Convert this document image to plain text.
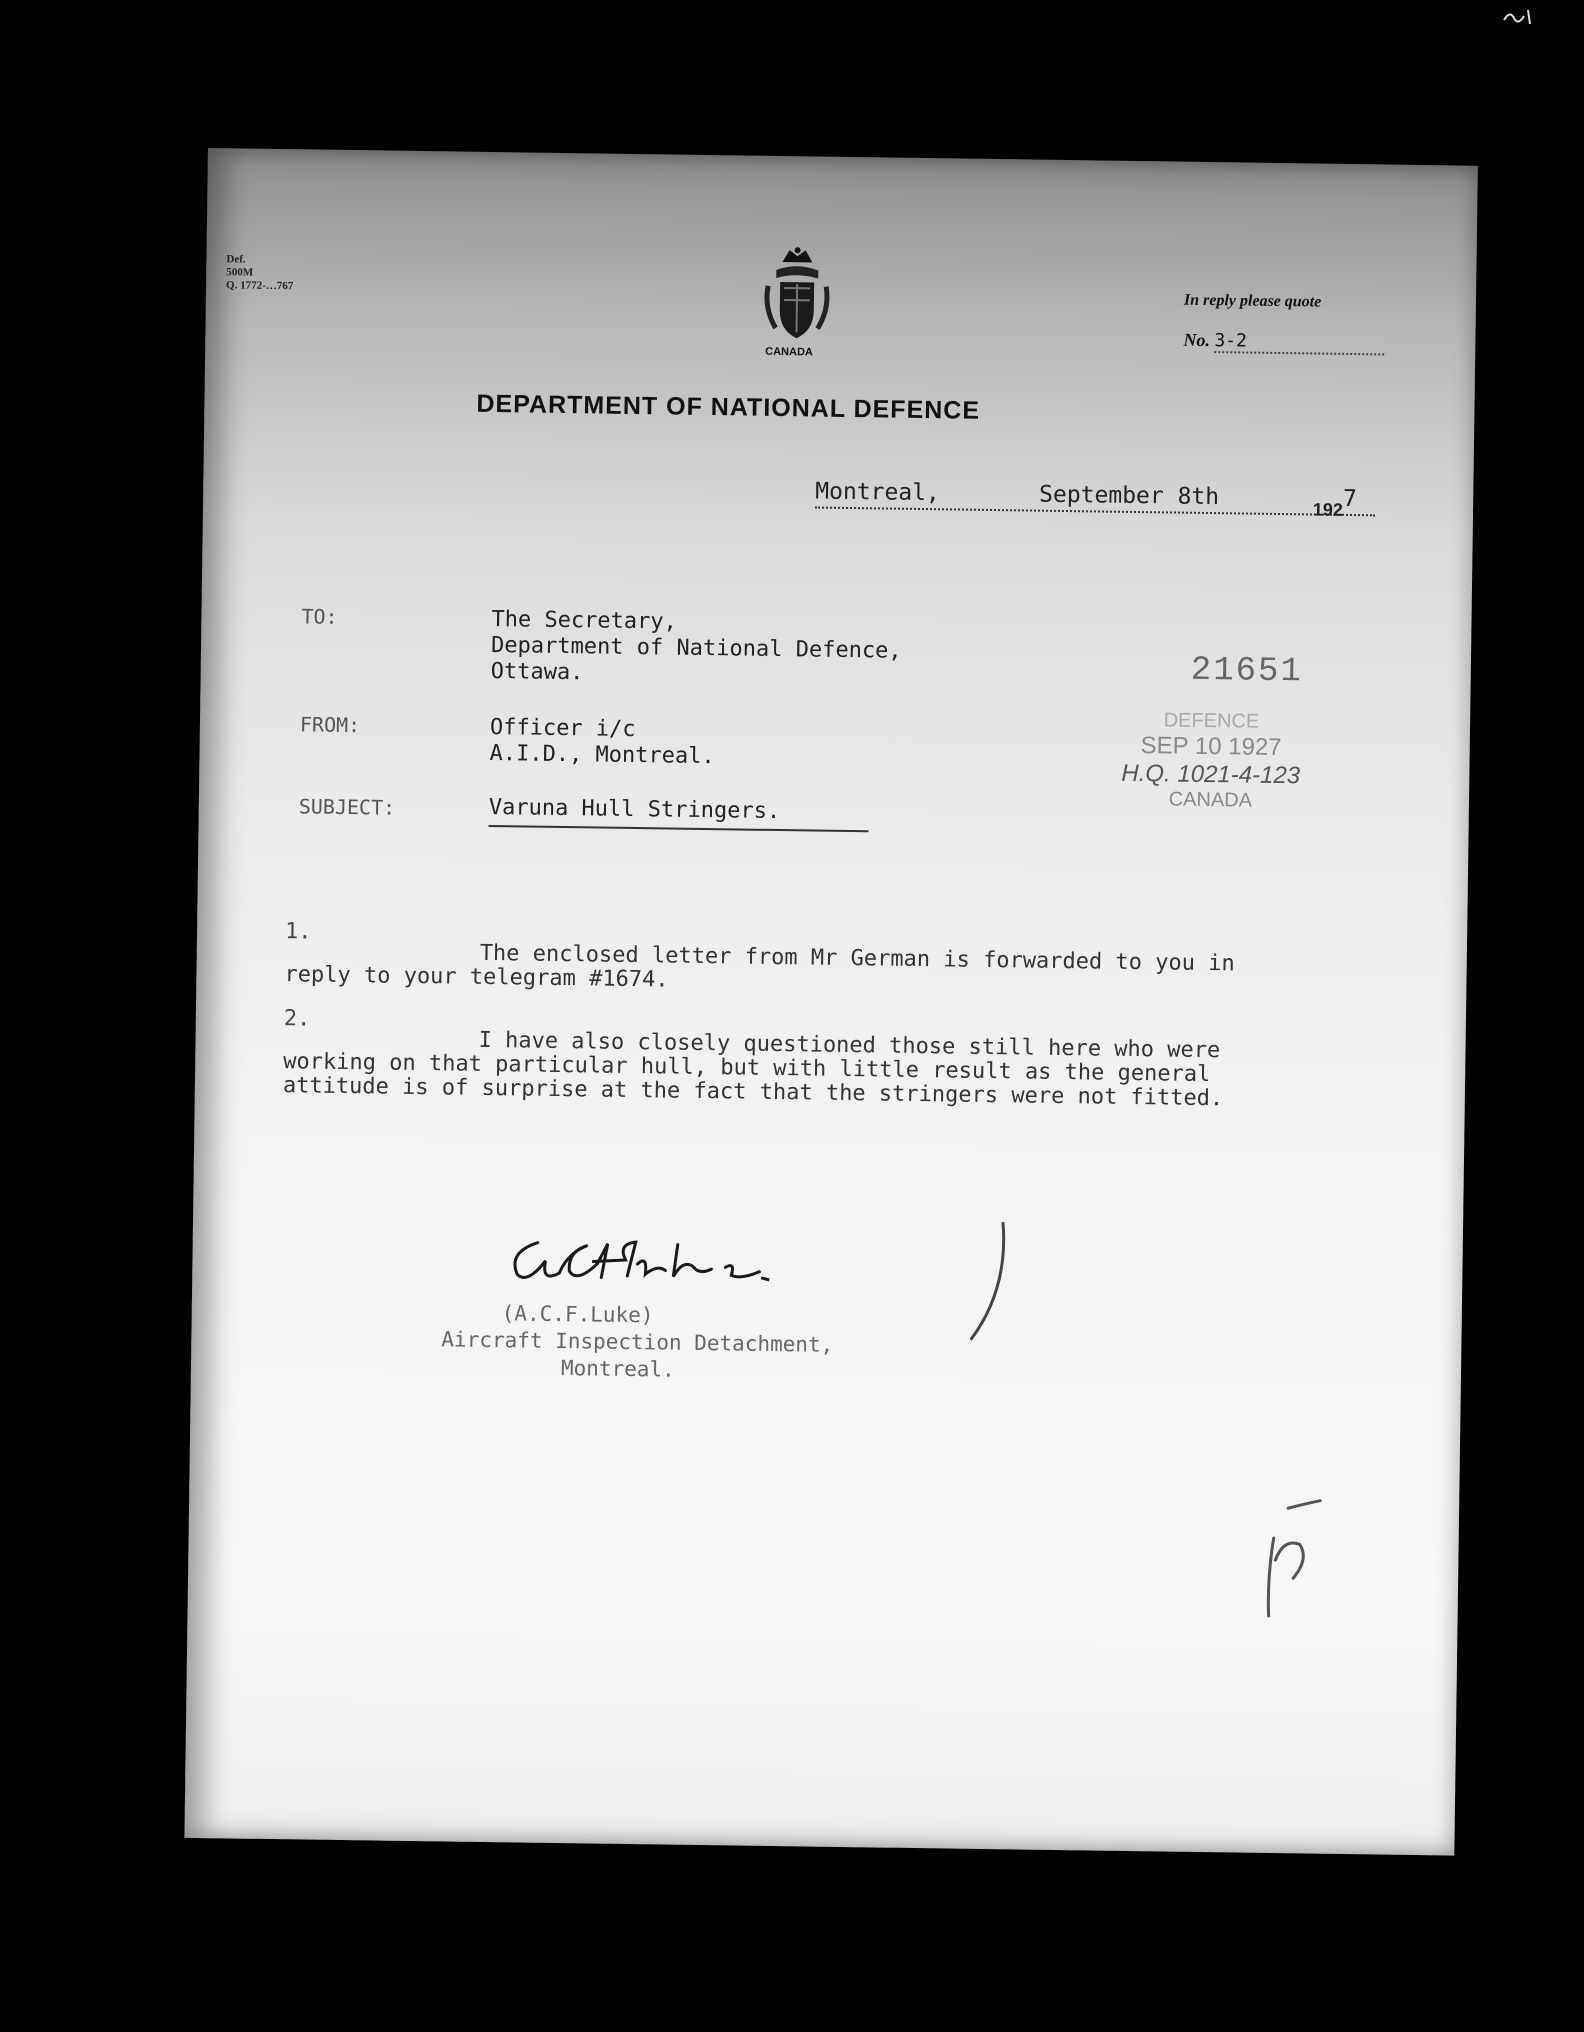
Def.
500M
Q. 1772-…767
CANADA
In reply please quote
No. 3-2
DEPARTMENT OF NATIONAL DEFENCE
Montreal,	September 8th	$_{192}$7
TO:	The Secretary,
Department of National Defence,
Ottawa.
FROM:	Officer i/c
A.I.D., Montreal.
SUBJECT:	Varuna Hull Stringers.
21651
DEFENCE
SEP 10 1927
H.Q. 1021-4-123
CANADA
1.
The enclosed letter from Mr German is forwarded to you in reply to your telegram #1674.
2.
I have also closely questioned those still here who were working on that particular hull, but with little result as the general attitude is of surprise at the fact that the stringers were not fitted.
(A.C.F.Luke)
Aircraft Inspection Detachment,
Montreal.
